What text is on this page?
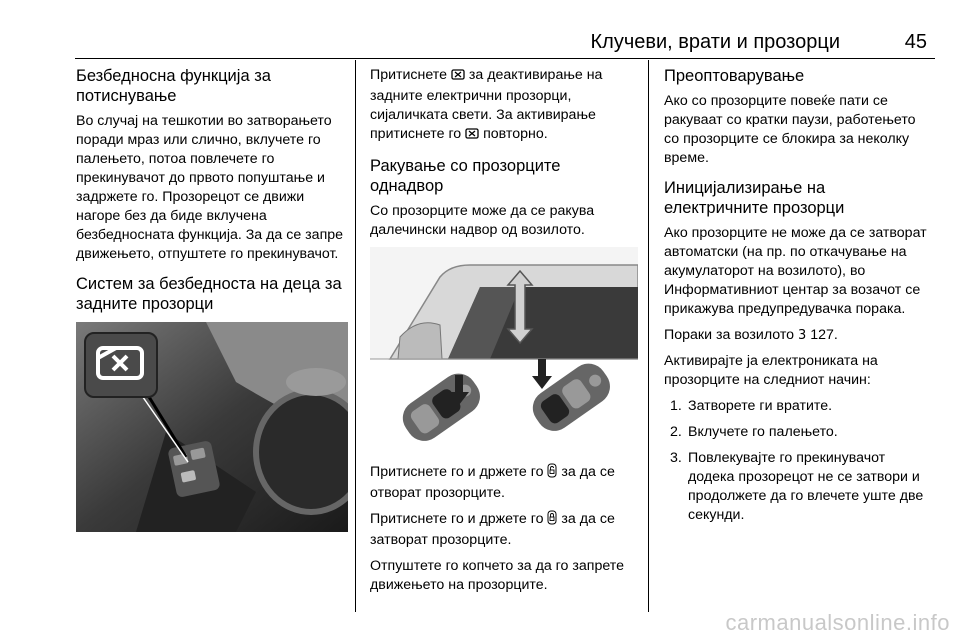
Клучеви, врати и прозорци	45
Безбедносна функција за потиснување

Во случај на тешкотии во затворањето поради мраз или слично, вклучете го палењето, потоа повлечете го прекинувачот до првото попуштање и задржете го. Прозорецот се движи нагоре без да биде вклучена безбедносната функција. За да се запре движењето, отпуштете го прекинувачот.

Систем за безбедноста на деца за задните прозорци

Притиснете  за деактивирање на задните електрични прозорци, сијаличката свети. За активирање притиснете го  повторно.

Ракување со прозорците однадвор

Со прозорците може да се ракува далечински надвор од возилото.

Притиснете го и држете го  за да се отворат прозорците.

Притиснете го и држете го  за да се затворат прозорците.

Отпуштете го копчето за да го запрете движењето на прозорците.

Преоптоварување

Ако со прозорците повеќе пати се ракуваат со кратки паузи, работењето со прозорците се блокира за неколку време.

Иницијализирање на електричните прозорци

Ако прозорците не може да се затворат автоматски (на пр. по откачување на акумулаторот на возилото), во Информативниот центар за возачот се прикажува предупредувачка порака.

Пораки за возилото 3 127.

Активирајте ја електрониката на прозорците на следниот начин:

1. Затворете ги вратите.
2. Вклучете го палењето.
3. Повлекувајте го прекинувачот додека прозорецот не се затвори и продолжете да го влечете уште две секунди.
carmanualsonline.info
